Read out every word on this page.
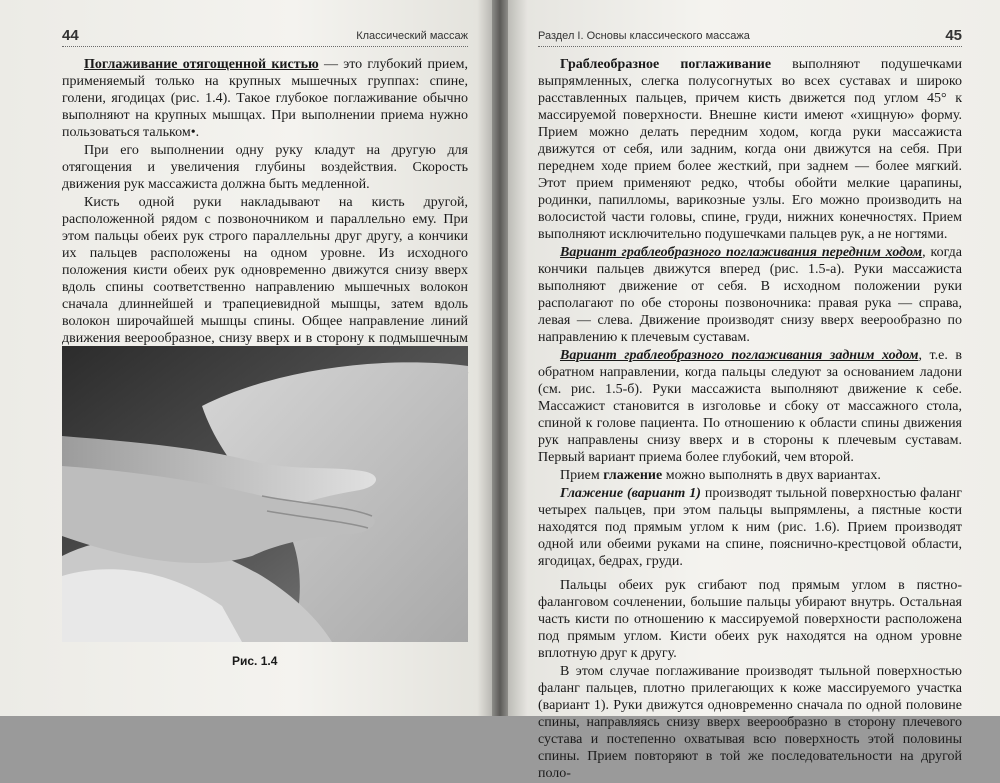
44	Классический массаж

Поглаживание отягощенной кистью — это глубокий прием, применяемый только на крупных мышечных группах: спине, голени, ягодицах (рис. 1.4). Такое глубокое поглаживание обычно выполняют на крупных мышцах. При выполнении приема нужно пользоваться тальком•.

При его выполнении одну руку кладут на другую для отягощения и увеличения глубины воздействия. Скорость движения рук массажиста должна быть медленной.

Кисть одной руки накладывают на кисть другой, расположенной рядом с позвоночником и параллельно ему. При этом пальцы обеих рук строго параллельны друг другу, а кончики их пальцев расположены на одном уровне. Из исходного положения кисти обеих рук одновременно движутся снизу вверх вдоль спины соответственно направлению мышечных волокон сначала длиннейшей и трапециевидной мышцы, затем вдоль волокон широчайшей мышцы спины. Общее направление линий движения веерообразное, снизу вверх и в сторону к подмышечным

Рис. 1.4
Раздел I. Основы классического массажа	45

Граблеобразное поглаживание выполняют подушечками выпрямленных, слегка полусогнутых во всех суставах и широко расставленных пальцев, причем кисть движется под углом 45° к массируемой поверхности. Внешне кисти имеют «хищную» форму. Прием можно делать передним ходом, когда руки массажиста движутся от себя, или задним, когда они движутся на себя. При переднем ходе прием более жесткий, при заднем — более мягкий. Этот прием применяют редко, чтобы обойти мелкие царапины, родинки, папилломы, варикозные узлы. Его можно производить на волосистой части головы, спине, груди, нижних конечностях. Прием выполняют исключительно подушечками пальцев рук, а не ногтями.

Вариант граблеобразного поглаживания передним ходом, когда кончики пальцев движутся вперед (рис. 1.5-а). Руки массажиста выполняют движение от себя. В исходном положении руки располагают по обе стороны позвоночника: правая рука — справа, левая — слева. Движение производят снизу вверх веерообразно по направлению к плечевым суставам.

Вариант граблеобразного поглаживания задним ходом, т.е. в обратном направлении, когда пальцы следуют за основанием ладони (см. рис. 1.5-б). Руки массажиста выполняют движение к себе. Массажист становится в изголовье и сбоку от массажного стола, спиной к голове пациента. По отношению к области спины движения рук направлены снизу вверх и в стороны к плечевым суставам. Первый вариант приема более глубокий, чем второй.

Прием глажение можно выполнять в двух вариантах.

Глажение (вариант 1) производят тыльной поверхностью фаланг четырех пальцев, при этом пальцы выпрямлены, а пястные кости находятся под прямым углом к ним (рис. 1.6). Прием производят одной или обеими руками на спине, пояснично-крестцовой области, ягодицах, бедрах, груди.

Пальцы обеих рук сгибают под прямым углом в пястно-фаланговом сочленении, большие пальцы убирают внутрь. Остальная часть кисти по отношению к массируемой поверхности расположена под прямым углом. Кисти обеих рук находятся на одном уровне вплотную друг к другу.

В этом случае поглаживание производят тыльной поверхностью фаланг пальцев, плотно прилегающих к коже массируемого участка (вариант 1). Руки движутся одновременно сначала по одной половине спины, направляясь снизу вверх веерообразно в сторону плечевого сустава и постепенно охватывая всю поверхность этой половины спины. Прием повторяют в той же последовательности на другой поло-
